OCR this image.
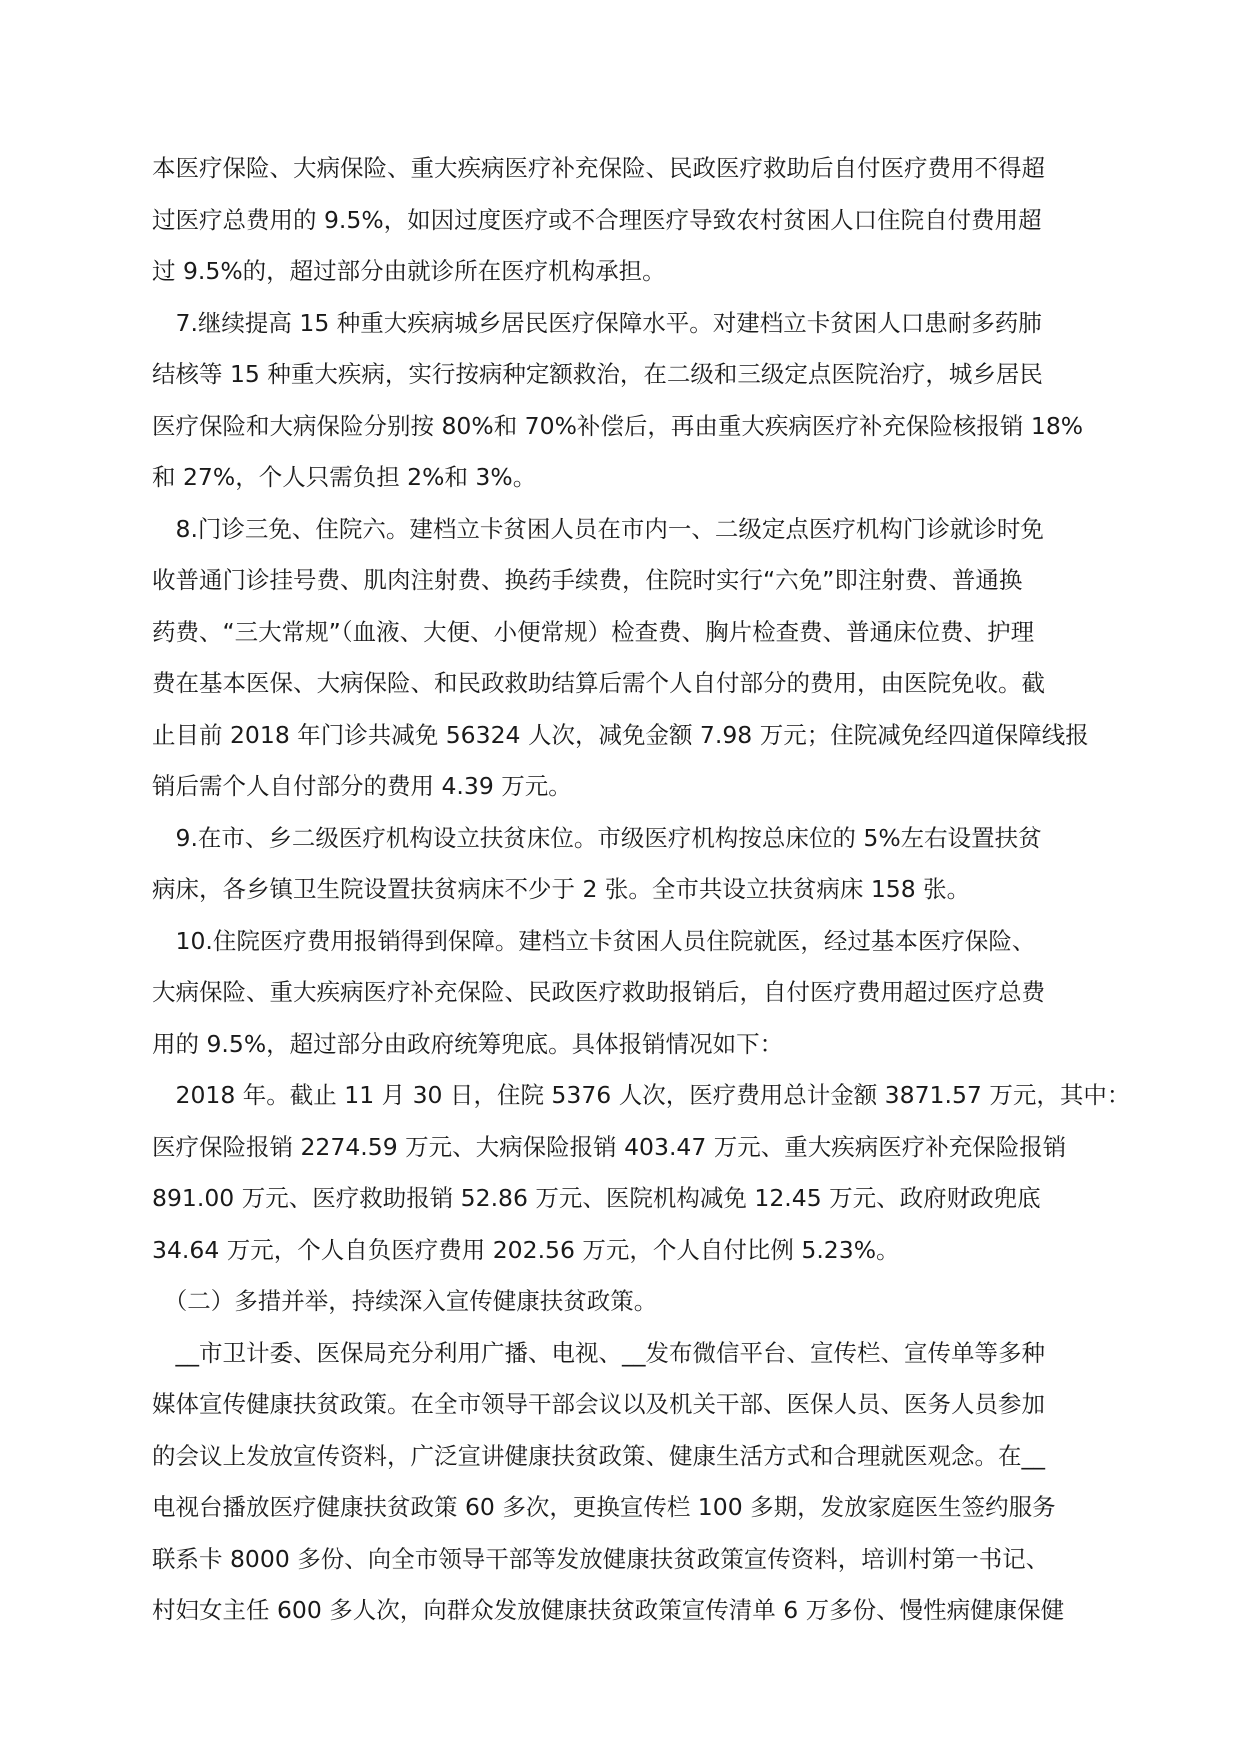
本医疗保险、大病保险、重大疾病医疗补充保险、民政医疗救助后自付医疗费用不得超
过医疗总费用的 9.5%，如因过度医疗或不合理医疗导致农村贫困人口住院自付费用超
过 9.5%的，超过部分由就诊所在医疗机构承担。
　7.继续提高 15 种重大疾病城乡居民医疗保障水平。对建档立卡贫困人口患耐多药肺
结核等 15 种重大疾病，实行按病种定额救治，在二级和三级定点医院治疗，城乡居民
医疗保险和大病保险分别按 80%和 70%补偿后，再由重大疾病医疗补充保险核报销 18%
和 27%，个人只需负担 2%和 3%。
　8.门诊三免、住院六。建档立卡贫困人员在市内一、二级定点医疗机构门诊就诊时免
收普通门诊挂号费、肌肉注射费、换药手续费，住院时实行“六免”即注射费、普通换
药费、“三大常规”（血液、大便、小便常规）检查费、胸片检查费、普通床位费、护理
费在基本医保、大病保险、和民政救助结算后需个人自付部分的费用，由医院免收。截
止目前 2018 年门诊共减免 56324 人次，减免金额 7.98 万元；住院减免经四道保障线报
销后需个人自付部分的费用 4.39 万元。
　9.在市、乡二级医疗机构设立扶贫床位。市级医疗机构按总床位的 5%左右设置扶贫
病床，各乡镇卫生院设置扶贫病床不少于 2 张。全市共设立扶贫病床 158 张。
　10.住院医疗费用报销得到保障。建档立卡贫困人员住院就医，经过基本医疗保险、
大病保险、重大疾病医疗补充保险、民政医疗救助报销后，自付医疗费用超过医疗总费
用的 9.5%，超过部分由政府统筹兜底。具体报销情况如下：
　2018 年。截止 11 月 30 日，住院 5376 人次，医疗费用总计金额 3871.57 万元，其中：
医疗保险报销 2274.59 万元、大病保险报销 403.47 万元、重大疾病医疗补充保险报销
891.00 万元、医疗救助报销 52.86 万元、医院机构减免 12.45 万元、政府财政兜底
34.64 万元，个人自负医疗费用 202.56 万元，个人自付比例 5.23%。
　（二）多措并举，持续深入宣传健康扶贫政策。
　__市卫计委、医保局充分利用广播、电视、__发布微信平台、宣传栏、宣传单等多种
媒体宣传健康扶贫政策。在全市领导干部会议以及机关干部、医保人员、医务人员参加
的会议上发放宣传资料，广泛宣讲健康扶贫政策、健康生活方式和合理就医观念。在__
电视台播放医疗健康扶贫政策 60 多次，更换宣传栏 100 多期，发放家庭医生签约服务
联系卡 8000 多份、向全市领导干部等发放健康扶贫政策宣传资料，培训村第一书记、
村妇女主任 600 多人次，向群众发放健康扶贫政策宣传清单 6 万多份、慢性病健康保健
